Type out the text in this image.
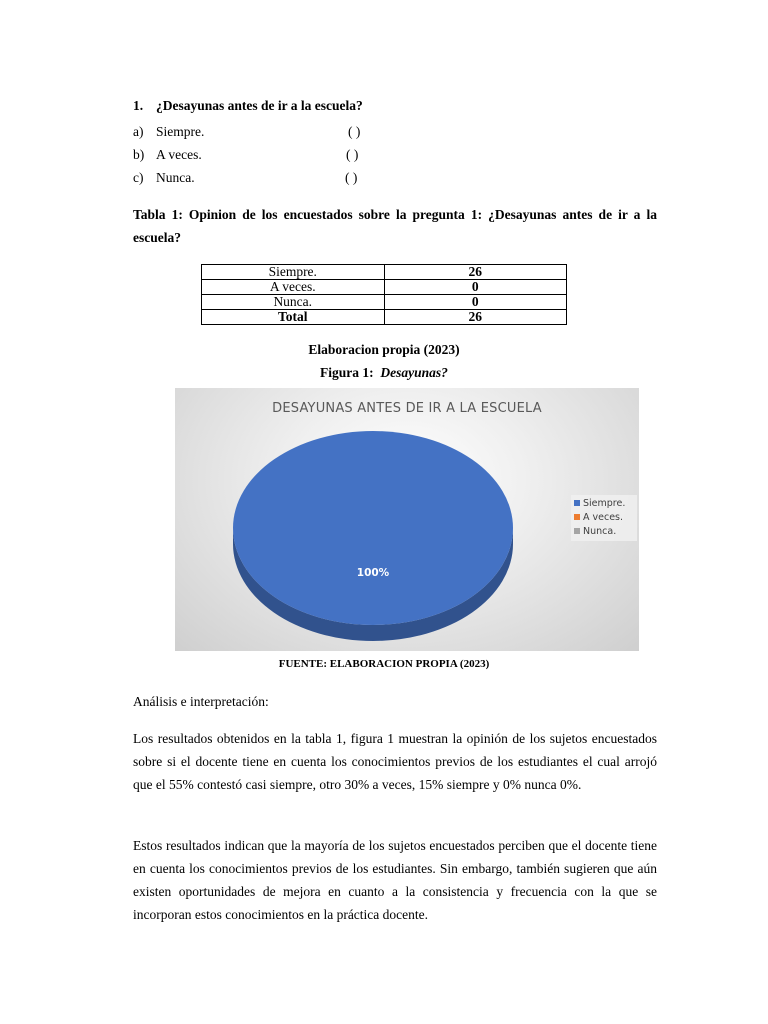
1. ¿Desayunas antes de ir a la escuela?
a) Siempre.	( )
b) A veces.	( )
c) Nunca.	( )
Tabla 1: Opinion de los encuestados sobre la pregunta 1: ¿Desayunas antes de ir a la escuela?
Siempre.	26
A veces.	0
Nunca.	0
Total	26
Elaboracion propia (2023)
Figura 1: Desayunas?
100%
DESAYUNAS ANTES DE IR A LA ESCUELA
Siempre.
A veces.
Nunca.
FUENTE: ELABORACION PROPIA (2023)
Análisis e interpretación:
Los resultados obtenidos en la tabla 1, figura 1 muestran la opinión de los sujetos encuestados sobre si el docente tiene en cuenta los conocimientos previos de los estudiantes el cual arrojó que el 55% contestó casi siempre, otro 30% a veces, 15% siempre y 0% nunca 0%.
Estos resultados indican que la mayoría de los sujetos encuestados perciben que el docente tiene en cuenta los conocimientos previos de los estudiantes. Sin embargo, también sugieren que aún existen oportunidades de mejora en cuanto a la consistencia y frecuencia con la que se incorporan estos conocimientos en la práctica docente.
